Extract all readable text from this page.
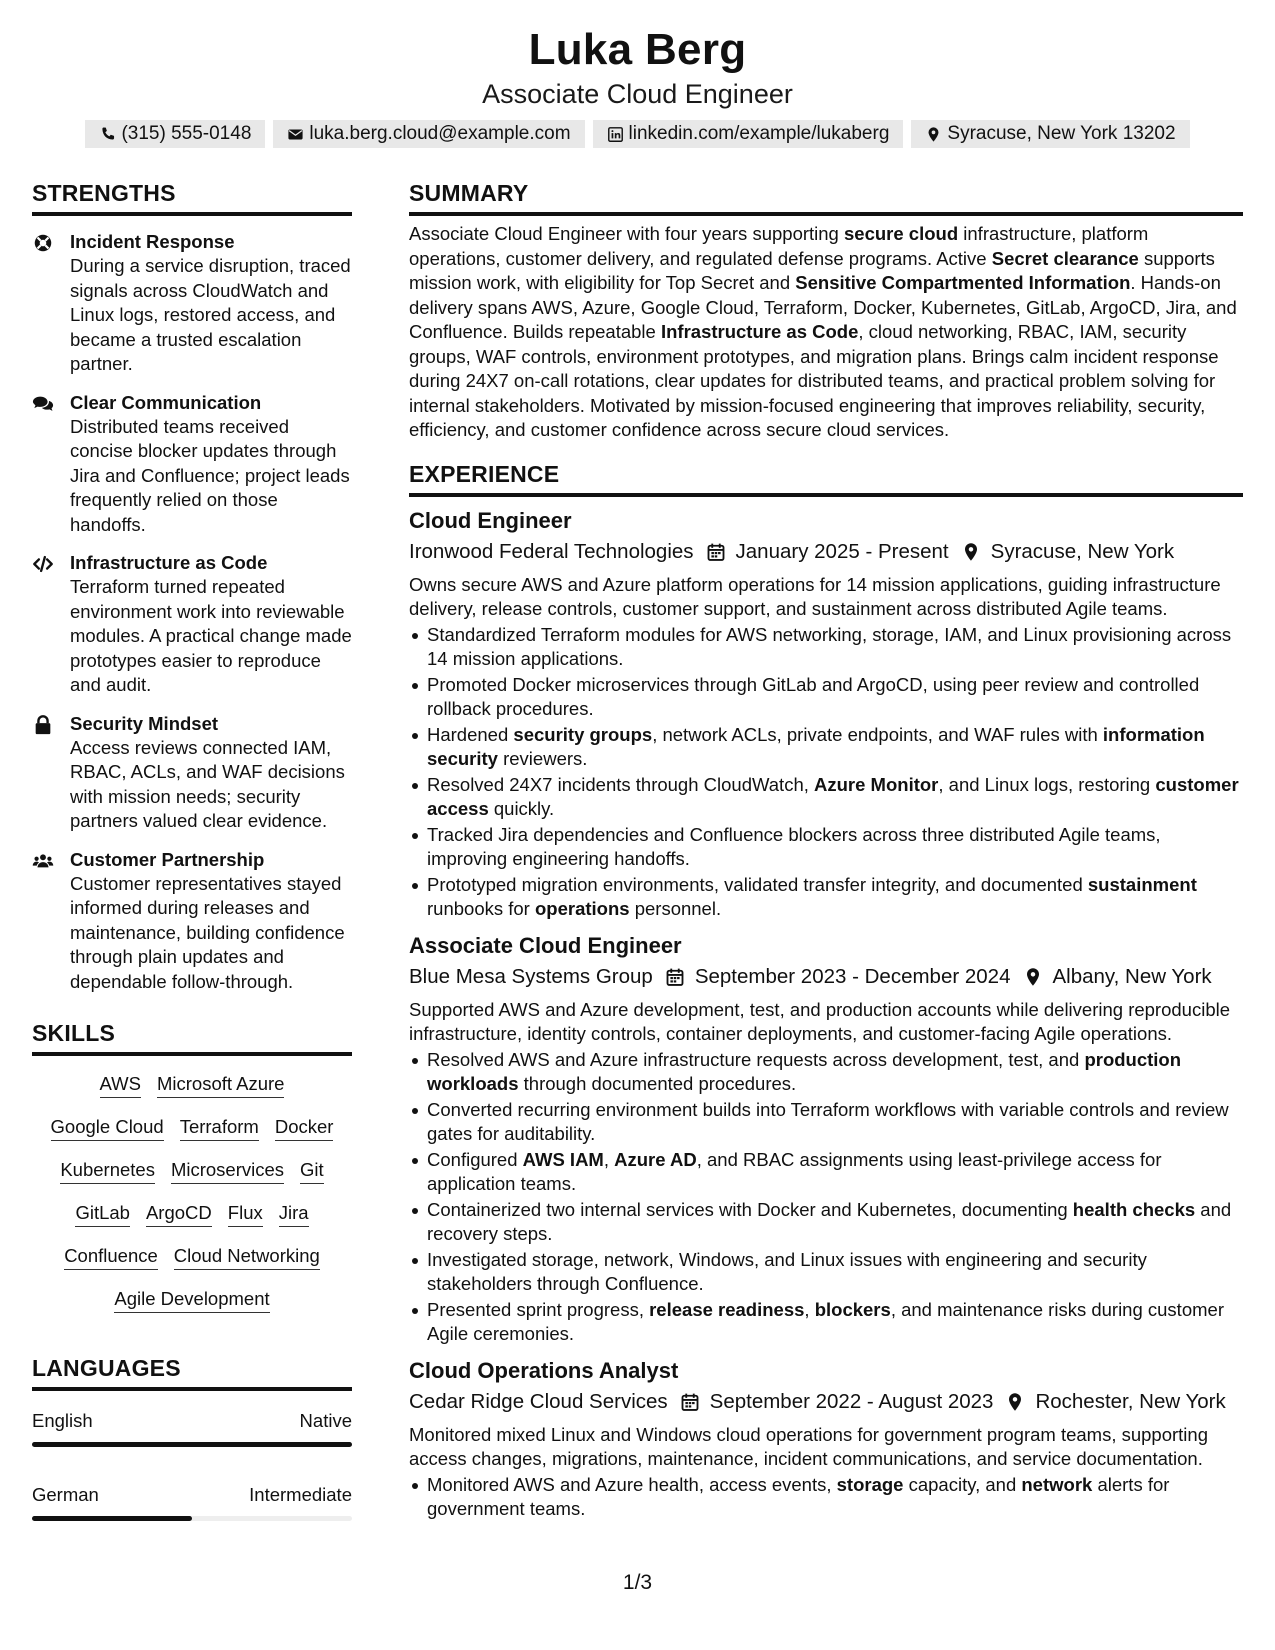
Luka Berg
Associate Cloud Engineer
(315) 555-0148	luka.berg.cloud@example.com	linkedin.com/example/lukaberg	Syracuse, New York 13202
STRENGTHS
Incident Response
During a service disruption, traced signals across CloudWatch and Linux logs, restored access, and became a trusted escalation partner.
Clear Communication
Distributed teams received concise blocker updates through Jira and Confluence; project leads frequently relied on those handoffs.
Infrastructure as Code
Terraform turned repeated environment work into reviewable modules. A practical change made prototypes easier to reproduce and audit.
Security Mindset
Access reviews connected IAM, RBAC, ACLs, and WAF decisions with mission needs; security partners valued clear evidence.
Customer Partnership
Customer representatives stayed informed during releases and maintenance, building confidence through plain updates and dependable follow-through.
SKILLS
AWS Microsoft Azure
Google Cloud Terraform Docker
Kubernetes Microservices Git
GitLab ArgoCD Flux Jira
Confluence Cloud Networking
Agile Development
LANGUAGES
English	Native
German	Intermediate
SUMMARY
Associate Cloud Engineer with four years supporting secure cloud infrastructure, platform operations, customer delivery, and regulated defense programs. Active Secret clearance supports mission work, with eligibility for Top Secret and Sensitive Compartmented Information. Hands-on delivery spans AWS, Azure, Google Cloud, Terraform, Docker, Kubernetes, GitLab, ArgoCD, Jira, and Confluence. Builds repeatable Infrastructure as Code, cloud networking, RBAC, IAM, security groups, WAF controls, environment prototypes, and migration plans. Brings calm incident response during 24X7 on-call rotations, clear updates for distributed teams, and practical problem solving for internal stakeholders. Motivated by mission-focused engineering that improves reliability, security, efficiency, and customer confidence across secure cloud services.
EXPERIENCE
Cloud Engineer
Ironwood Federal Technologies January 2025 - Present Syracuse, New York
Owns secure AWS and Azure platform operations for 14 mission applications, guiding infrastructure delivery, release controls, customer support, and sustainment across distributed Agile teams.
Standardized Terraform modules for AWS networking, storage, IAM, and Linux provisioning across 14 mission applications.
Promoted Docker microservices through GitLab and ArgoCD, using peer review and controlled rollback procedures.
Hardened security groups, network ACLs, private endpoints, and WAF rules with information security reviewers.
Resolved 24X7 incidents through CloudWatch, Azure Monitor, and Linux logs, restoring customer access quickly.
Tracked Jira dependencies and Confluence blockers across three distributed Agile teams, improving engineering handoffs.
Prototyped migration environments, validated transfer integrity, and documented sustainment runbooks for operations personnel.
Associate Cloud Engineer
Blue Mesa Systems Group September 2023 - December 2024 Albany, New York
Supported AWS and Azure development, test, and production accounts while delivering reproducible infrastructure, identity controls, container deployments, and customer-facing Agile operations.
Resolved AWS and Azure infrastructure requests across development, test, and production workloads through documented procedures.
Converted recurring environment builds into Terraform workflows with variable controls and review gates for auditability.
Configured AWS IAM, Azure AD, and RBAC assignments using least-privilege access for application teams.
Containerized two internal services with Docker and Kubernetes, documenting health checks and recovery steps.
Investigated storage, network, Windows, and Linux issues with engineering and security stakeholders through Confluence.
Presented sprint progress, release readiness, blockers, and maintenance risks during customer Agile ceremonies.
Cloud Operations Analyst
Cedar Ridge Cloud Services September 2022 - August 2023 Rochester, New York
Monitored mixed Linux and Windows cloud operations for government program teams, supporting access changes, migrations, maintenance, incident communications, and service documentation.
Monitored AWS and Azure health, access events, storage capacity, and network alerts for government teams.
1/3
